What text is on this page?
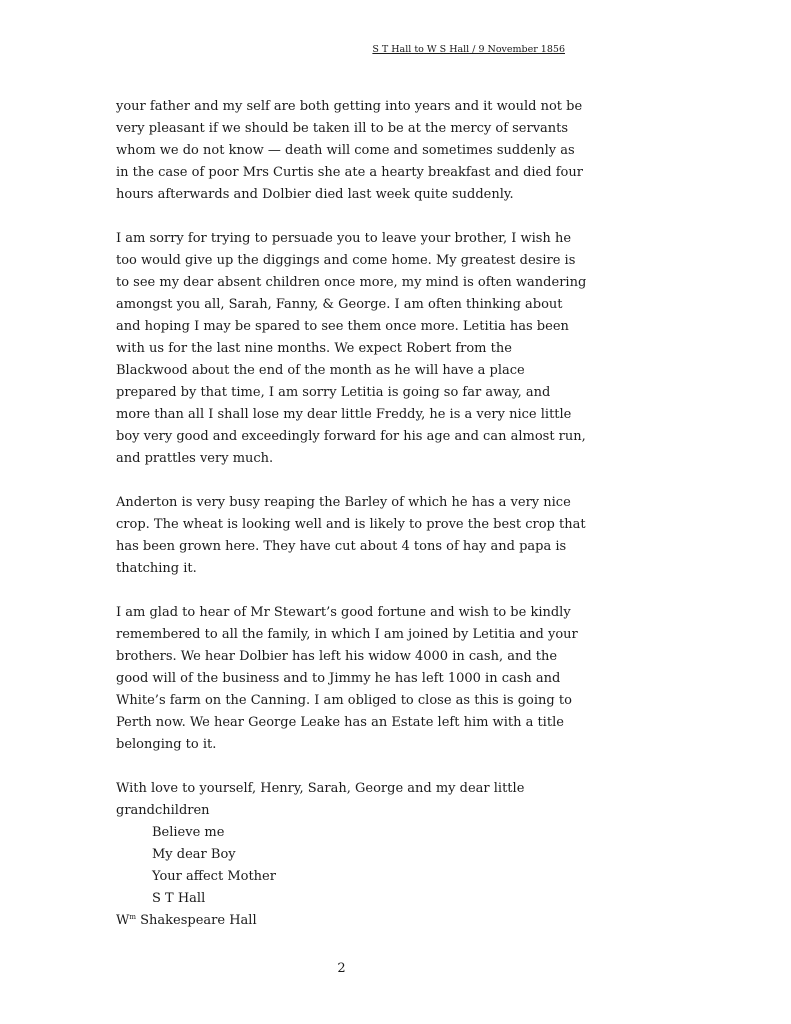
S T Hall to W S Hall / 9 November 1856

your father and my self are both getting into years and it would not be
very pleasant if we should be taken ill to be at the mercy of servants
whom we do not know — death will come and sometimes suddenly as
in the case of poor Mrs Curtis she ate a hearty breakfast and died four
hours afterwards and Dolbier died last week quite suddenly.

I am sorry for trying to persuade you to leave your brother, I wish he
too would give up the diggings and come home. My greatest desire is
to see my dear absent children once more, my mind is often wandering
amongst you all, Sarah, Fanny, & George. I am often thinking about
and hoping I may be spared to see them once more. Letitia has been
with us for the last nine months. We expect Robert from the
Blackwood about the end of the month as he will have a place
prepared by that time, I am sorry Letitia is going so far away, and
more than all I shall lose my dear little Freddy, he is a very nice little
boy very good and exceedingly forward for his age and can almost run,
and prattles very much.

Anderton is very busy reaping the Barley of which he has a very nice
crop. The wheat is looking well and is likely to prove the best crop that
has been grown here. They have cut about 4 tons of hay and papa is
thatching it.

I am glad to hear of Mr Stewart’s good fortune and wish to be kindly
remembered to all the family, in which I am joined by Letitia and your
brothers. We hear Dolbier has left his widow 4000 in cash, and the
good will of the business and to Jimmy he has left 1000 in cash and
White’s farm on the Canning. I am obliged to close as this is going to
Perth now. We hear George Leake has an Estate left him with a title
belonging to it.

With love to yourself, Henry, Sarah, George and my dear little
grandchildren
Believe me
My dear Boy
Your affect Mother
S T Hall
$W^m$ Shakespeare Hall
2
